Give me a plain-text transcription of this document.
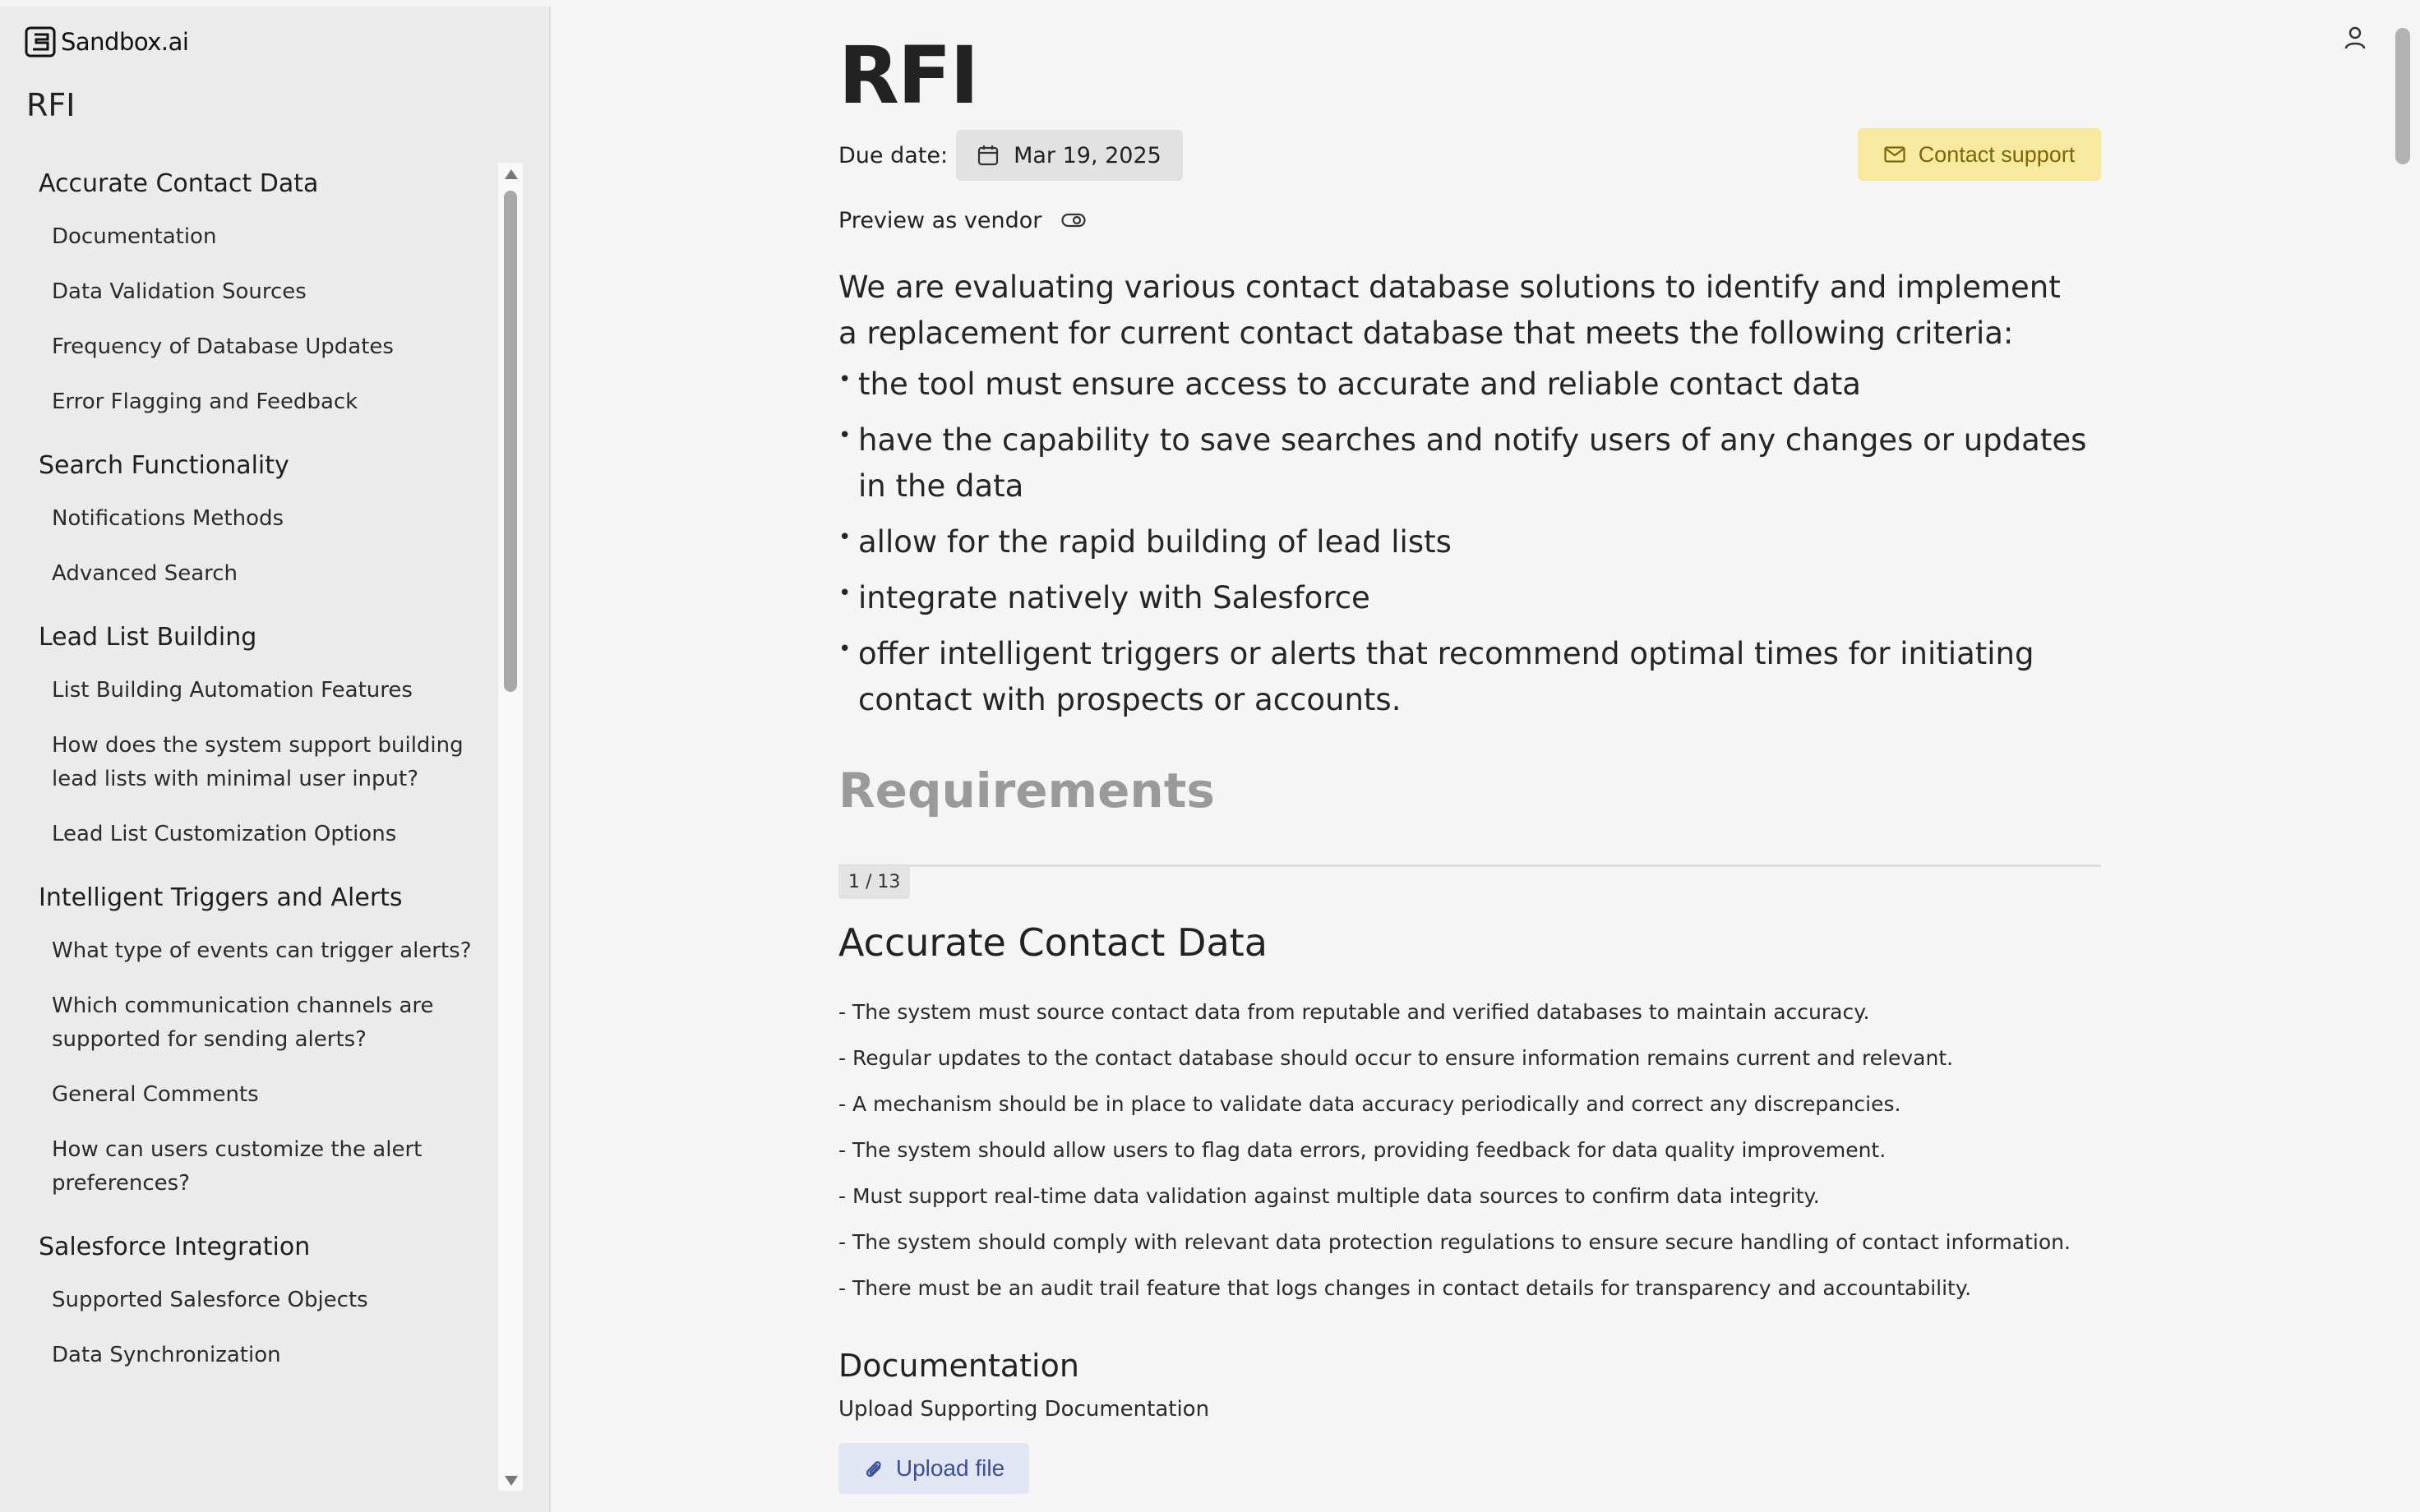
Sandbox.ai
RFI
Accurate Contact Data
Documentation
Data Validation Sources
Frequency of Database Updates
Error Flagging and Feedback
Search Functionality
Notifications Methods
Advanced Search
Lead List Building
List Building Automation Features
How does the system support building lead lists with minimal user input?
Lead List Customization Options
Intelligent Triggers and Alerts
What type of events can trigger alerts?
Which communication channels are supported for sending alerts?
General Comments
How can users customize the alert preferences?
Salesforce Integration
Supported Salesforce Objects
Data Synchronization
RFI
Due date:	Mar 19, 2025	Contact support
Preview as vendor

We are evaluating various contact database solutions to identify and implement a replacement for current contact database that meets the following criteria:

• the tool must ensure access to accurate and reliable contact data
• have the capability to save searches and notify users of any changes or updates in the data
• allow for the rapid building of lead lists
• integrate natively with Salesforce
• offer intelligent triggers or alerts that recommend optimal times for initiating contact with prospects or accounts.
Requirements
1 / 13
Accurate Contact Data
- The system must source contact data from reputable and verified databases to maintain accuracy.
- Regular updates to the contact database should occur to ensure information remains current and relevant.
- A mechanism should be in place to validate data accuracy periodically and correct any discrepancies.
- The system should allow users to flag data errors, providing feedback for data quality improvement.
- Must support real-time data validation against multiple data sources to confirm data integrity.
- The system should comply with relevant data protection regulations to ensure secure handling of contact information.
- There must be an audit trail feature that logs changes in contact details for transparency and accountability.
Documentation
Upload Supporting Documentation
Upload file
